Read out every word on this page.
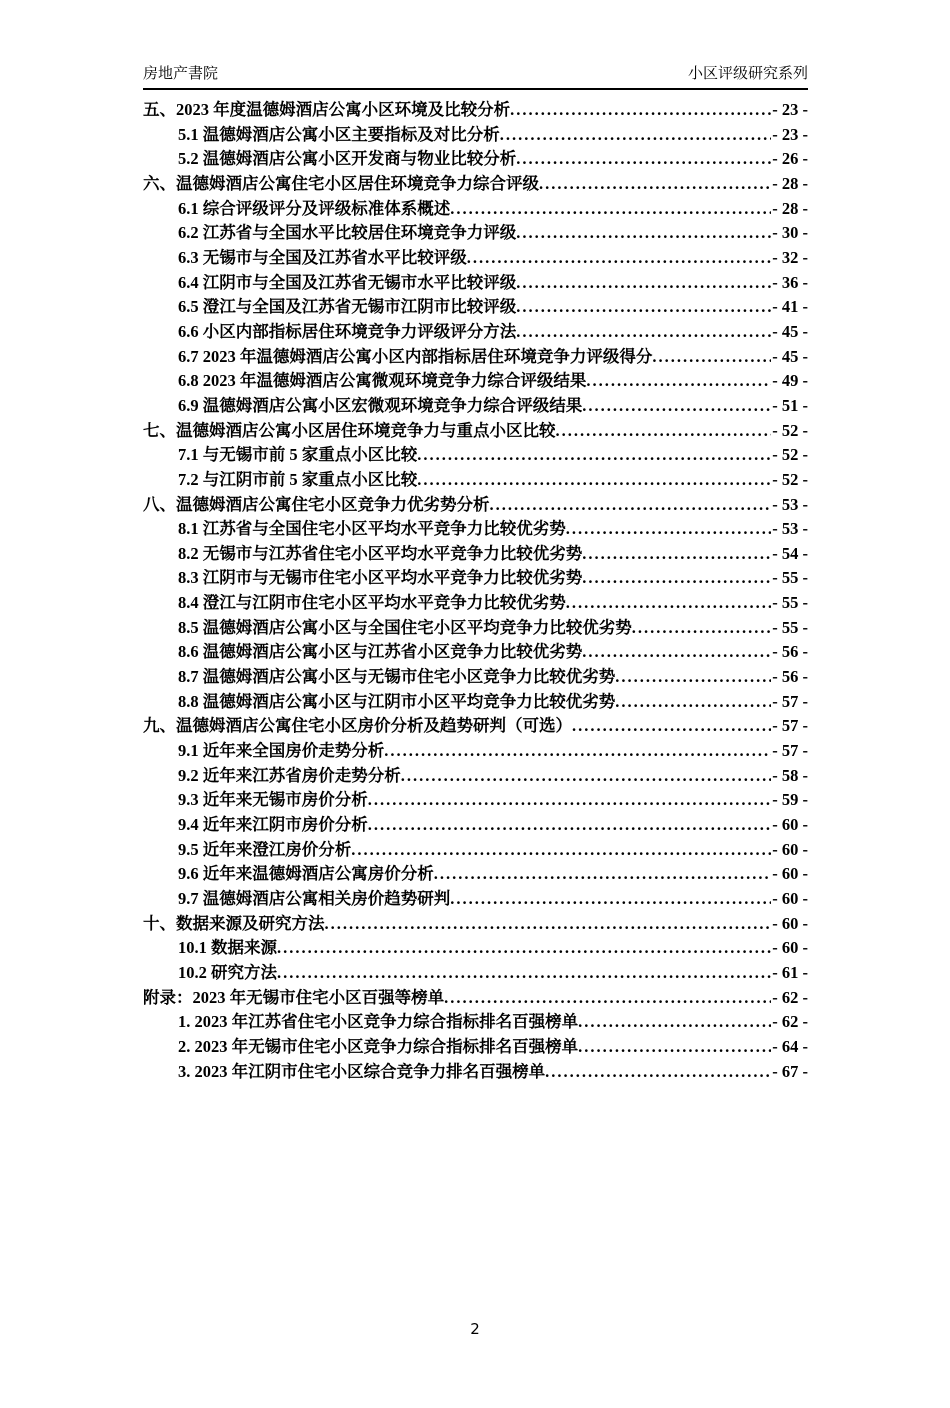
房地产書院	小区评级研究系列
五、2023 年度温德姆酒店公寓小区环境及比较分析 .....	- 23 -
5.1 温德姆酒店公寓小区主要指标及对比分析 .....	- 23 -
5.2 温德姆酒店公寓小区开发商与物业比较分析 .....	- 26 -
六、温德姆酒店公寓住宅小区居住环境竞争力综合评级 .....	- 28 -
6.1 综合评级评分及评级标准体系概述 .....	- 28 -
6.2 江苏省与全国水平比较居住环境竞争力评级 .....	- 30 -
6.3 无锡市与全国及江苏省水平比较评级 .....	- 32 -
6.4 江阴市与全国及江苏省无锡市水平比较评级 .....	- 36 -
6.5 澄江与全国及江苏省无锡市江阴市比较评级 .....	- 41 -
6.6 小区内部指标居住环境竞争力评级评分方法 .....	- 45 -
6.7 2023 年温德姆酒店公寓小区内部指标居住环境竞争力评级得分 .....	- 45 -
6.8 2023 年温德姆酒店公寓微观环境竞争力综合评级结果 .....	- 49 -
6.9 温德姆酒店公寓小区宏微观环境竞争力综合评级结果 .....	- 51 -
七、温德姆酒店公寓小区居住环境竞争力与重点小区比较 .....	- 52 -
7.1 与无锡市前 5 家重点小区比较 .....	- 52 -
7.2 与江阴市前 5 家重点小区比较 .....	- 52 -
八、温德姆酒店公寓住宅小区竞争力优劣势分析 .....	- 53 -
8.1 江苏省与全国住宅小区平均水平竞争力比较优劣势 .....	- 53 -
8.2 无锡市与江苏省住宅小区平均水平竞争力比较优劣势 .....	- 54 -
8.3 江阴市与无锡市住宅小区平均水平竞争力比较优劣势 .....	- 55 -
8.4 澄江与江阴市住宅小区平均水平竞争力比较优劣势 .....	- 55 -
8.5 温德姆酒店公寓小区与全国住宅小区平均竞争力比较优劣势 .....	- 55 -
8.6 温德姆酒店公寓小区与江苏省小区竞争力比较优劣势 .....	- 56 -
8.7 温德姆酒店公寓小区与无锡市住宅小区竞争力比较优劣势 .....	- 56 -
8.8 温德姆酒店公寓小区与江阴市小区平均竞争力比较优劣势 .....	- 57 -
九、温德姆酒店公寓住宅小区房价分析及趋势研判（可选） .....	- 57 -
9.1 近年来全国房价走势分析 .....	- 57 -
9.2 近年来江苏省房价走势分析 .....	- 58 -
9.3 近年来无锡市房价分析 .....	- 59 -
9.4 近年来江阴市房价分析 .....	- 60 -
9.5 近年来澄江房价分析 .....	- 60 -
9.6 近年来温德姆酒店公寓房价分析 .....	- 60 -
9.7 温德姆酒店公寓相关房价趋势研判 .....	- 60 -
十、数据来源及研究方法 .....	- 60 -
10.1 数据来源 .....	- 60 -
10.2 研究方法 .....	- 61 -
附录：2023 年无锡市住宅小区百强等榜单 .....	- 62 -
1. 2023 年江苏省住宅小区竞争力综合指标排名百强榜单 .....	- 62 -
2. 2023 年无锡市住宅小区竞争力综合指标排名百强榜单 .....	- 64 -
3. 2023 年江阴市住宅小区综合竞争力排名百强榜单 .....	- 67 -
2
